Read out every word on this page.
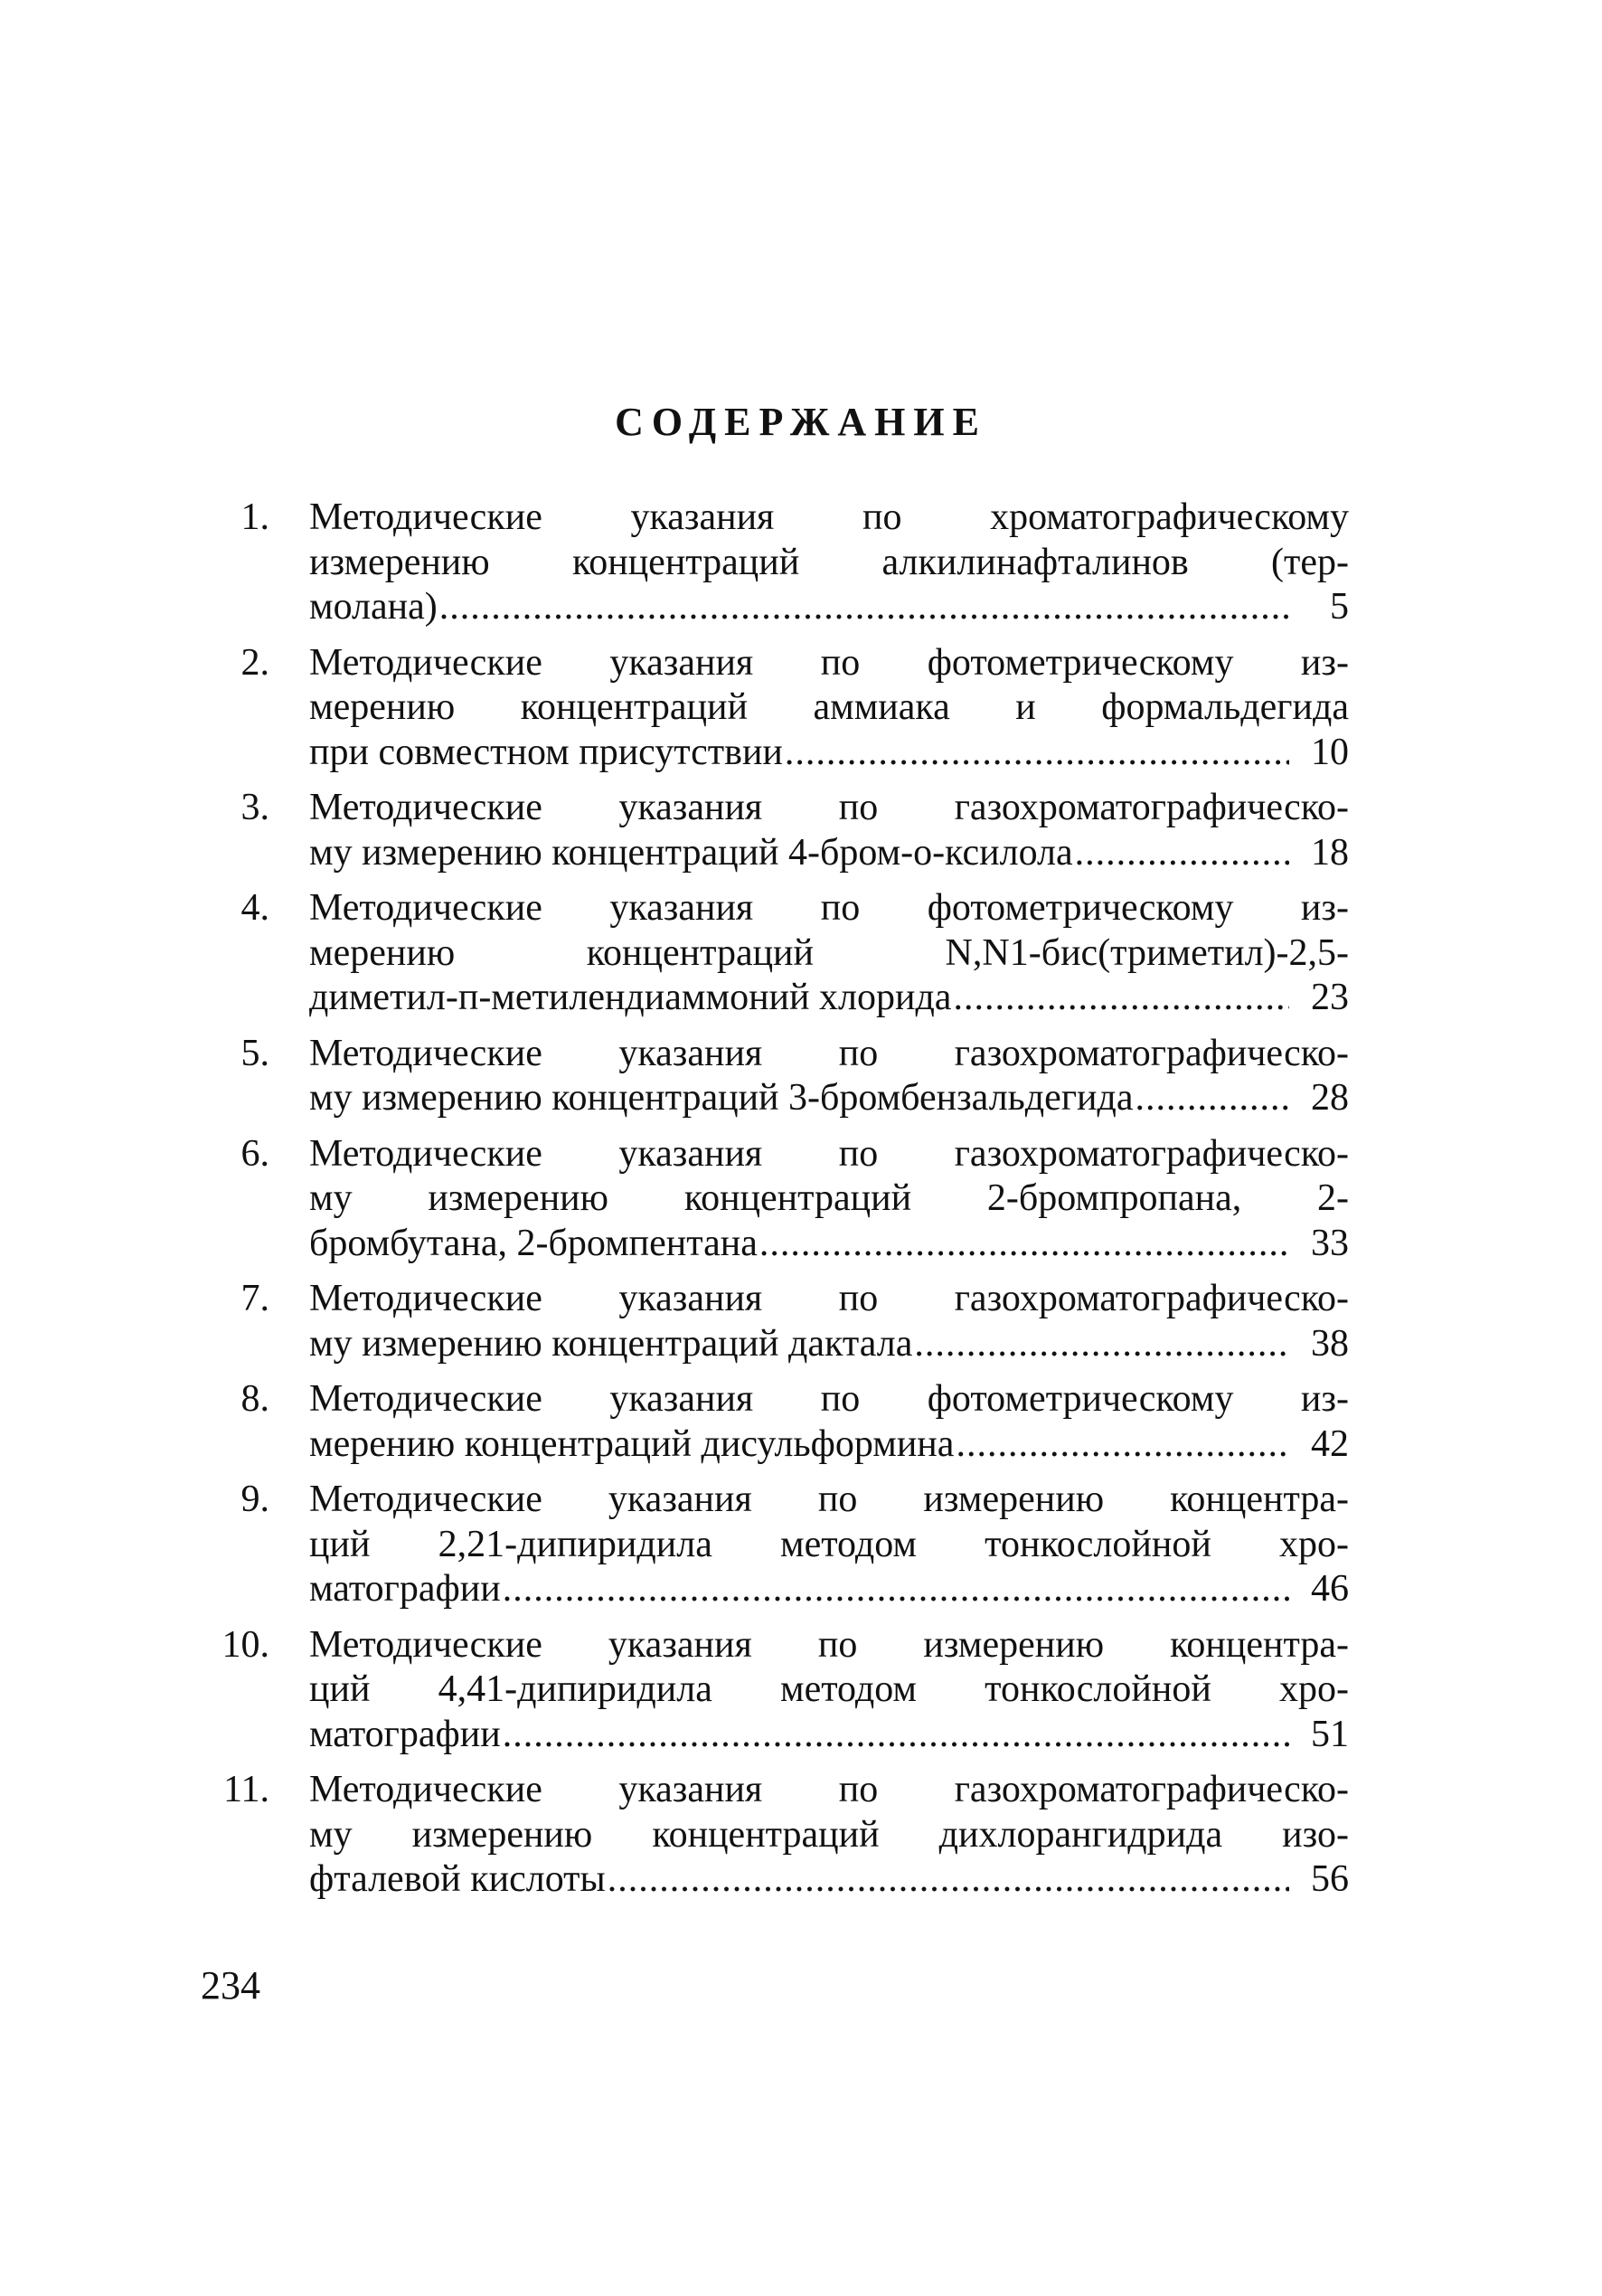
СОДЕРЖАНИЕ
1. Методические указания по хроматографическому
измерению концентраций алкилинафталинов (тер-
молана) .....	5
2. Методические указания по фотометрическому из-
мерению концентраций аммиака и формальдегида
при совместном присутствии .....	10
3. Методические указания по газохроматографическо-
му измерению концентраций 4-бром-о-ксилола .....	18
4. Методические указания по фотометрическому из-
мерению концентраций N,N1-бис(триметил)-2,5-
диметил-п-метилендиаммоний хлорида .....	23
5. Методические указания по газохроматографическо-
му измерению концентраций 3-бромбензальдегида .....	28
6. Методические указания по газохроматографическо-
му измерению концентраций 2-бромпропана, 2-
бромбутана, 2-бромпентана .....	33
7. Методические указания по газохроматографическо-
му измерению концентраций дактала .....	38
8. Методические указания по фотометрическому из-
мерению концентраций дисульформина .....	42
9. Методические указания по измерению концентра-
ций 2,21-дипиридила методом тонкослойной хро-
матографии .....	46
10. Методические указания по измерению концентра-
ций 4,41-дипиридила методом тонкослойной хро-
матографии .....	51
11. Методические указания по газохроматографическо-
му измерению концентраций дихлорангидрида изо-
фталевой кислоты .....	56
234
